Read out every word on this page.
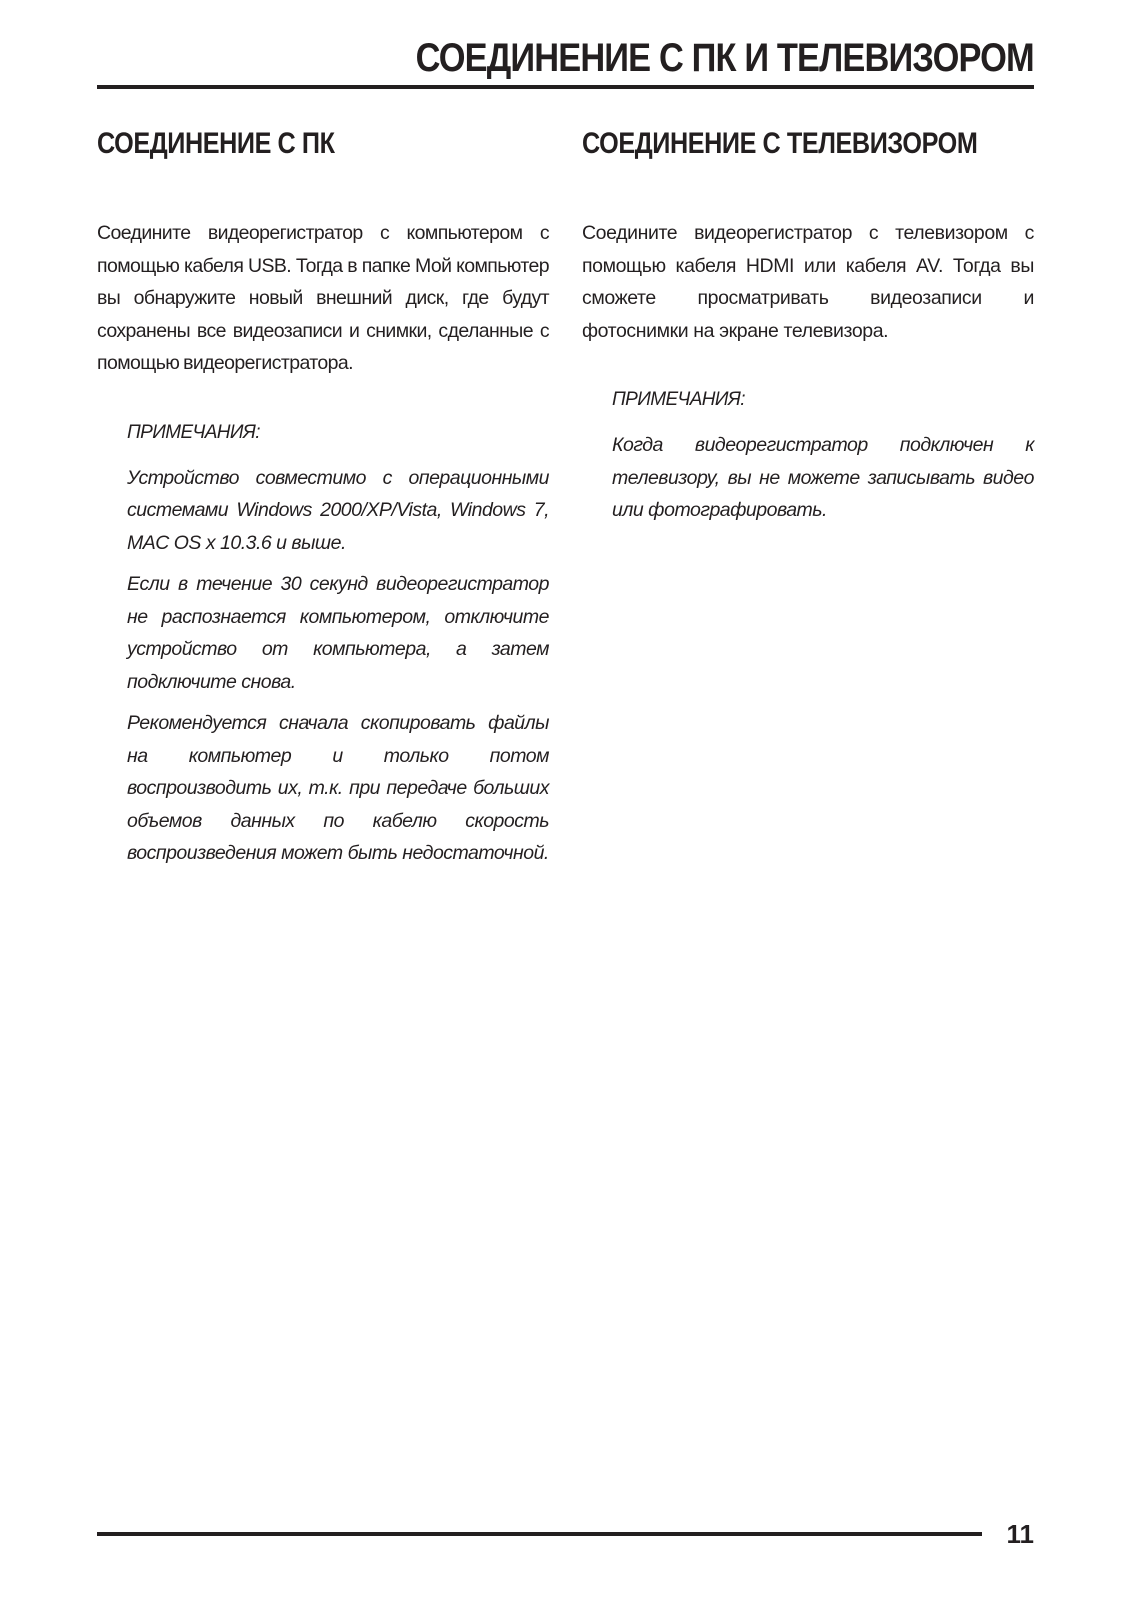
СОЕДИНЕНИЕ С ПК И ТЕЛЕВИЗОРОМ
СОЕДИНЕНИЕ С ПК

Соедините видеорегистратор с компьютером с помощью кабеля USB. Тогда в папке Мой компьютер вы обнаружите новый внешний диск, где будут сохранены все видеозаписи и снимки, сделанные с помощью видеорегистратора.

ПРИМЕЧАНИЯ:

Устройство совместимо с операционными системами Windows 2000/XP/Vista, Windows 7, MAC OS x 10.3.6 и выше.

Если в течение 30 секунд видеорегистратор не распознается компьютером, отключите устройство от компьютера, а затем подключите снова.

Рекомендуется сначала скопировать файлы на компьютер и только потом воспроизводить их, т.к. при передаче больших объемов данных по кабелю скорость воспроизведения может быть недостаточной.

СОЕДИНЕНИЕ С ТЕЛЕВИЗОРОМ

Соедините видеорегистратор с телевизором с помощью кабеля HDMI или кабеля AV. Тогда вы сможете просматривать видеозаписи и фотоснимки на экране телевизора.

ПРИМЕЧАНИЯ:

Когда видеорегистратор подключен к телевизору, вы не можете записывать видео или фотографировать.

11
